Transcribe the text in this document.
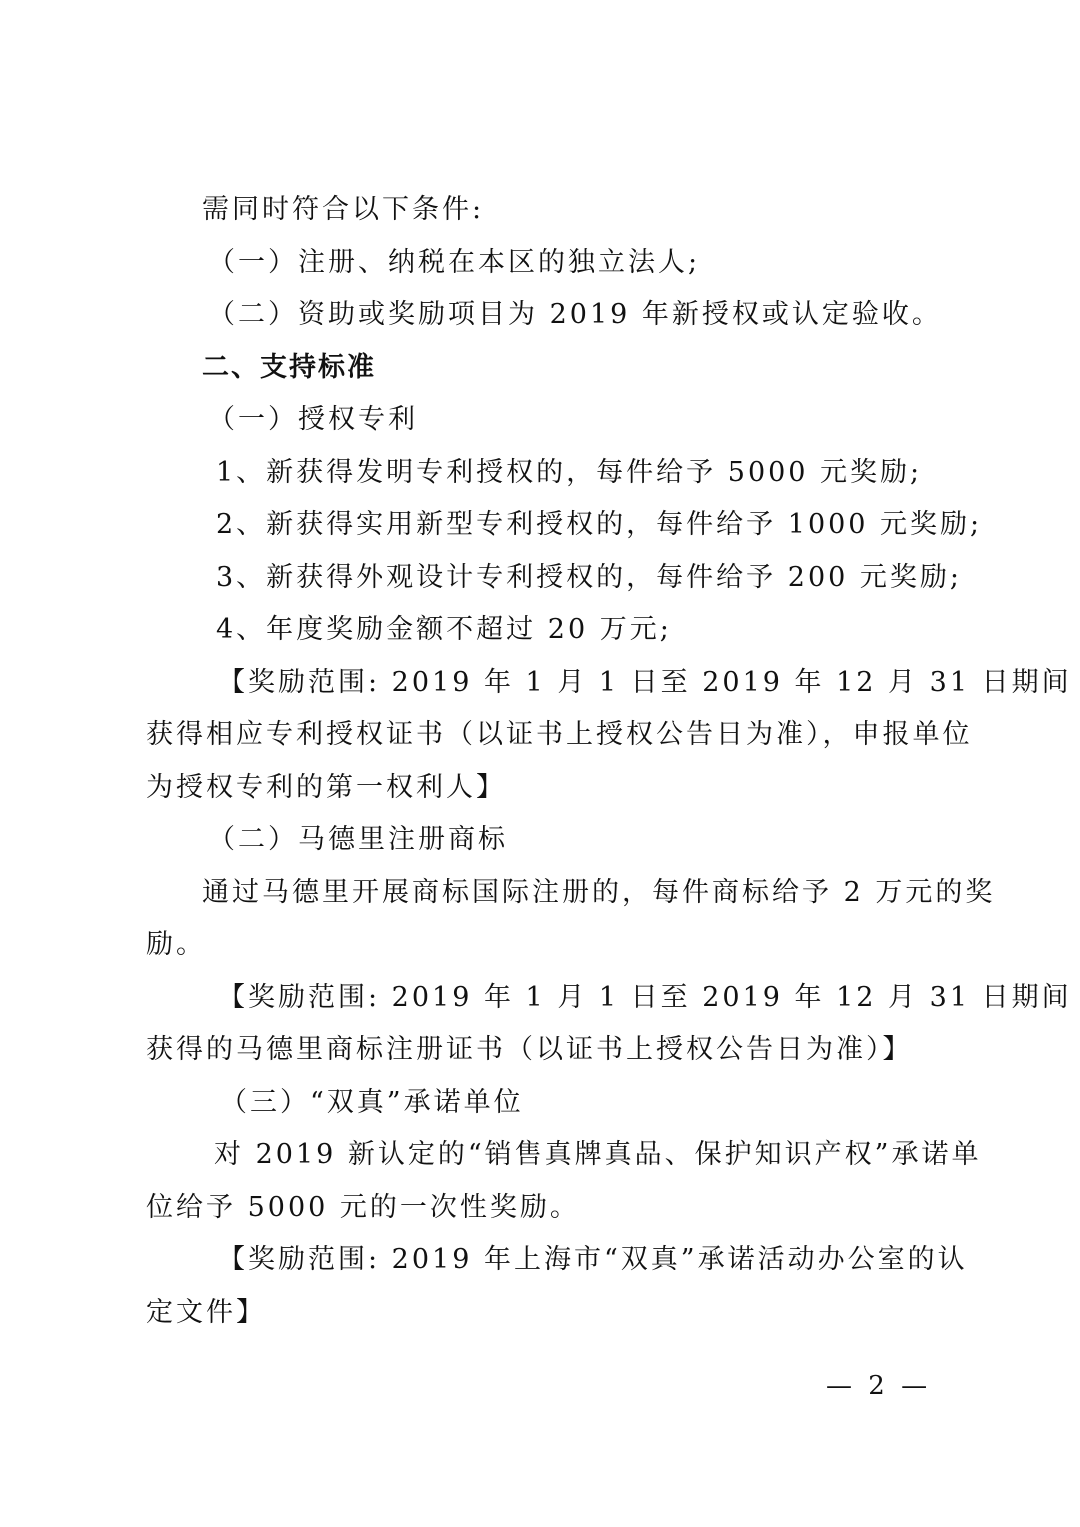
需同时符合以下条件:
（一）注册、纳税在本区的独立法人;
（二）资助或奖励项目为 2019 年新授权或认定验收。
二、支持标准
（一）授权专利
1、新获得发明专利授权的，每件给予 5000 元奖励;
2、新获得实用新型专利授权的，每件给予 1000 元奖励;
3、新获得外观设计专利授权的，每件给予 200 元奖励;
4、年度奖励金额不超过 20 万元;
【奖励范围: 2019 年 1 月 1 日至 2019 年 12 月 31 日期间
获得相应专利授权证书（以证书上授权公告日为准），申报单位
为授权专利的第一权利人】
（二）马德里注册商标
通过马德里开展商标国际注册的，每件商标给予 2 万元的奖
励。
【奖励范围: 2019 年 1 月 1 日至 2019 年 12 月 31 日期间
获得的马德里商标注册证书（以证书上授权公告日为准）】
（三）“双真”承诺单位
对 2019 新认定的“销售真牌真品、保护知识产权”承诺单
位给予 5000 元的一次性奖励。
【奖励范围: 2019 年上海市“双真”承诺活动办公室的认
定文件】
— 2 —
